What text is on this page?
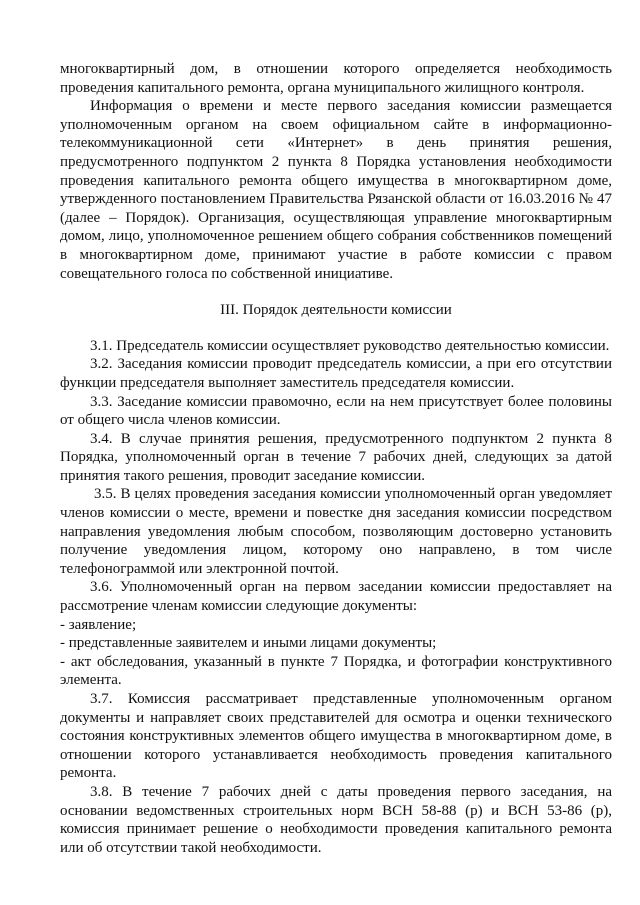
многоквартирный дом, в отношении которого определяется необходимость проведения капитального ремонта, органа муниципального жилищного контроля.

Информация о времени и месте первого заседания комиссии размещается уполномоченным органом на своем официальном сайте в информационно-телекоммуникационной сети «Интернет» в день принятия решения, предусмотренного подпунктом 2 пункта 8 Порядка установления необходимости проведения капитального ремонта общего имущества в многоквартирном доме, утвержденного постановлением Правительства Рязанской области от 16.03.2016 № 47 (далее – Порядок). Организация, осуществляющая управление многоквартирным домом, лицо, уполномоченное решением общего собрания собственников помещений в многоквартирном доме, принимают участие в работе комиссии с правом совещательного голоса по собственной инициативе.

III. Порядок деятельности комиссии

3.1. Председатель комиссии осуществляет руководство деятельностью комиссии.

3.2. Заседания комиссии проводит председатель комиссии, а при его отсутствии функции председателя выполняет заместитель председателя комиссии.

3.3. Заседание комиссии правомочно, если на нем присутствует более половины от общего числа членов комиссии.

3.4. В случае принятия решения, предусмотренного подпунктом 2 пункта 8 Порядка, уполномоченный орган в течение 7 рабочих дней, следующих за датой принятия такого решения, проводит заседание комиссии.

3.5. В целях проведения заседания комиссии уполномоченный орган уведомляет членов комиссии о месте, времени и повестке дня заседания комиссии посредством направления уведомления любым способом, позволяющим достоверно установить получение уведомления лицом, которому оно направлено, в том числе телефонограммой или электронной почтой.

3.6. Уполномоченный орган на первом заседании комиссии предоставляет на рассмотрение членам комиссии следующие документы:

- заявление;

- представленные заявителем и иными лицами документы;

- акт обследования, указанный в пункте 7 Порядка, и фотографии конструктивного элемента.

3.7. Комиссия рассматривает представленные уполномоченным органом документы и направляет своих представителей для осмотра и оценки технического состояния конструктивных элементов общего имущества в многоквартирном доме, в отношении которого устанавливается необходимость проведения капитального ремонта.

3.8. В течение 7 рабочих дней с даты проведения первого заседания, на основании ведомственных строительных норм ВСН 58-88 (р) и ВСН 53-86 (р), комиссия принимает решение о необходимости проведения капитального ремонта или об отсутствии такой необходимости.
